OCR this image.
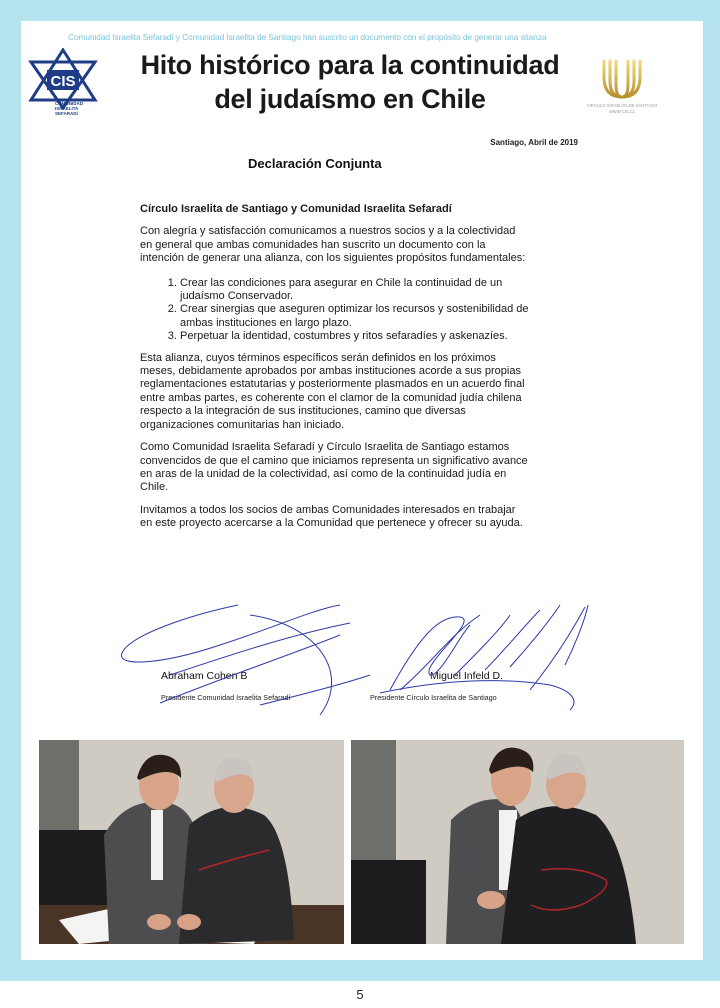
Comunidad Israelita Sefaradí y Comunidad Israelita de Santiago han suscrito un documento con el propósito de generar una alianza
CIS
COMUNIDAD
ISRAELITA
SEFARADÍ
CIRCULO ISRAELITA DE SANTIAGO
WWW.CIS.CL
Hito histórico para la continuidad
del judaísmo en Chile
Santiago, Abril de 2019
Declaración Conjunta
Círculo Israelita de Santiago y Comunidad Israelita Sefaradí

Con alegría y satisfacción comunicamos a nuestros socios y a la colectividad en general que ambas comunidades han suscrito un documento con la intención de generar una alianza, con los siguientes propósitos fundamentales:

1. Crear las condiciones para asegurar en Chile la continuidad de un judaísmo Conservador.
2. Crear sinergias que aseguren optimizar los recursos y sostenibilidad de ambas instituciones en largo plazo.
3. Perpetuar la identidad, costumbres y ritos sefaradíes y askenazíes.

Esta alianza, cuyos términos específicos serán definidos en los próximos meses, debidamente aprobados por ambas instituciones acorde a sus propias reglamentaciones estatutarias y posteriormente plasmados en un acuerdo final entre ambas partes, es coherente con el clamor de la comunidad judía chilena respecto a la integración de sus instituciones, camino que diversas organizaciones comunitarias han iniciado.

Como Comunidad Israelita Sefaradí y Círculo Israelita de Santiago estamos convencidos de que el camino que iniciamos representa un significativo avance en aras de la unidad de la colectividad, así como de la continuidad judía en Chile.

Invitamos a todos los socios de ambas Comunidades interesados en trabajar en este proyecto acercarse a la Comunidad que pertenece y ofrecer su ayuda.

Abraham Cohen B
Presidente Comunidad Israelita Sefaradí
Miguel Infeld D.
Presidente Círculo Israelita de Santiago
5
